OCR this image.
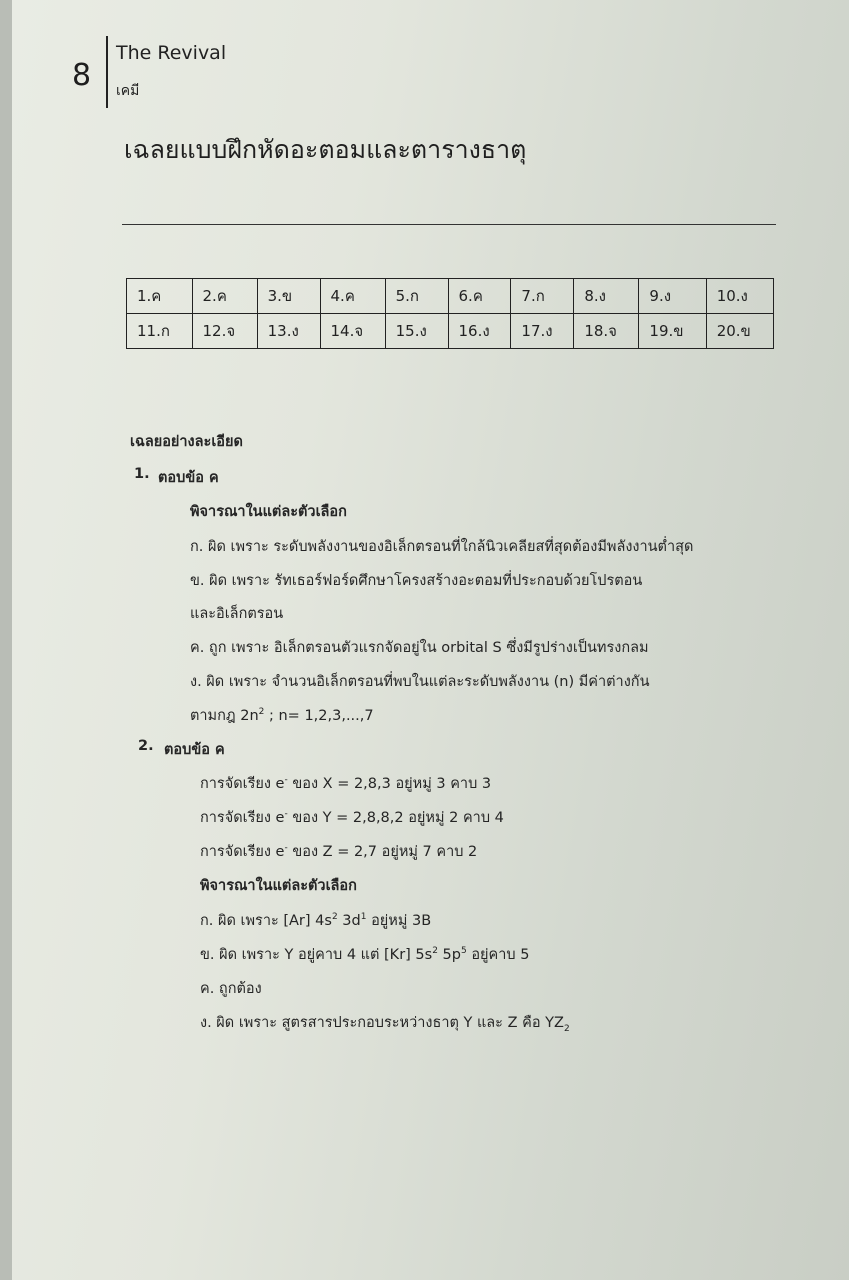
8
The Revival
เคมี
เฉลยแบบฝึกหัดอะตอมและตารางธาตุ
1.ค	2.ค	3.ข	4.ค	5.ก	6.ค	7.ก	8.ง	9.ง	10.ง
11.ก	12.จ	13.ง	14.จ	15.ง	16.ง	17.ง	18.จ	19.ข	20.ข
เฉลยอย่างละเอียด
1. ตอบข้อ ค
พิจารณาในแต่ละตัวเลือก
ก. ผิด เพราะ ระดับพลังงานของอิเล็กตรอนที่ใกล้นิวเคลียสที่สุดต้องมีพลังงานต่ำสุด
ข. ผิด เพราะ รัทเธอร์ฟอร์ดศึกษาโครงสร้างอะตอมที่ประกอบด้วยโปรตอน
และอิเล็กตรอน
ค. ถูก เพราะ อิเล็กตรอนตัวแรกจัดอยู่ใน orbital S ซึ่งมีรูปร่างเป็นทรงกลม
ง. ผิด เพราะ จำนวนอิเล็กตรอนที่พบในแต่ละระดับพลังงาน (n) มีค่าต่างกัน
ตามกฎ $2n^2$ ; n= 1,2,3,...,7
2. ตอบข้อ ค
การจัดเรียง e- ของ X = 2,8,3 อยู่หมู่ 3 คาบ 3
การจัดเรียง e- ของ Y = 2,8,8,2 อยู่หมู่ 2 คาบ 4
การจัดเรียง e- ของ Z = 2,7 อยู่หมู่ 7 คาบ 2
พิจารณาในแต่ละตัวเลือก
ก. ผิด เพราะ [Ar] $4s^2$ $3d^1$ อยู่หมู่ 3B
ข. ผิด เพราะ Y อยู่คาบ 4 แต่ [Kr] $5s^2$ $5p^5$ อยู่คาบ 5
ค. ถูกต้อง
ง. ผิด เพราะ สูตรสารประกอบระหว่างธาตุ Y และ Z คือ $YZ_2$
